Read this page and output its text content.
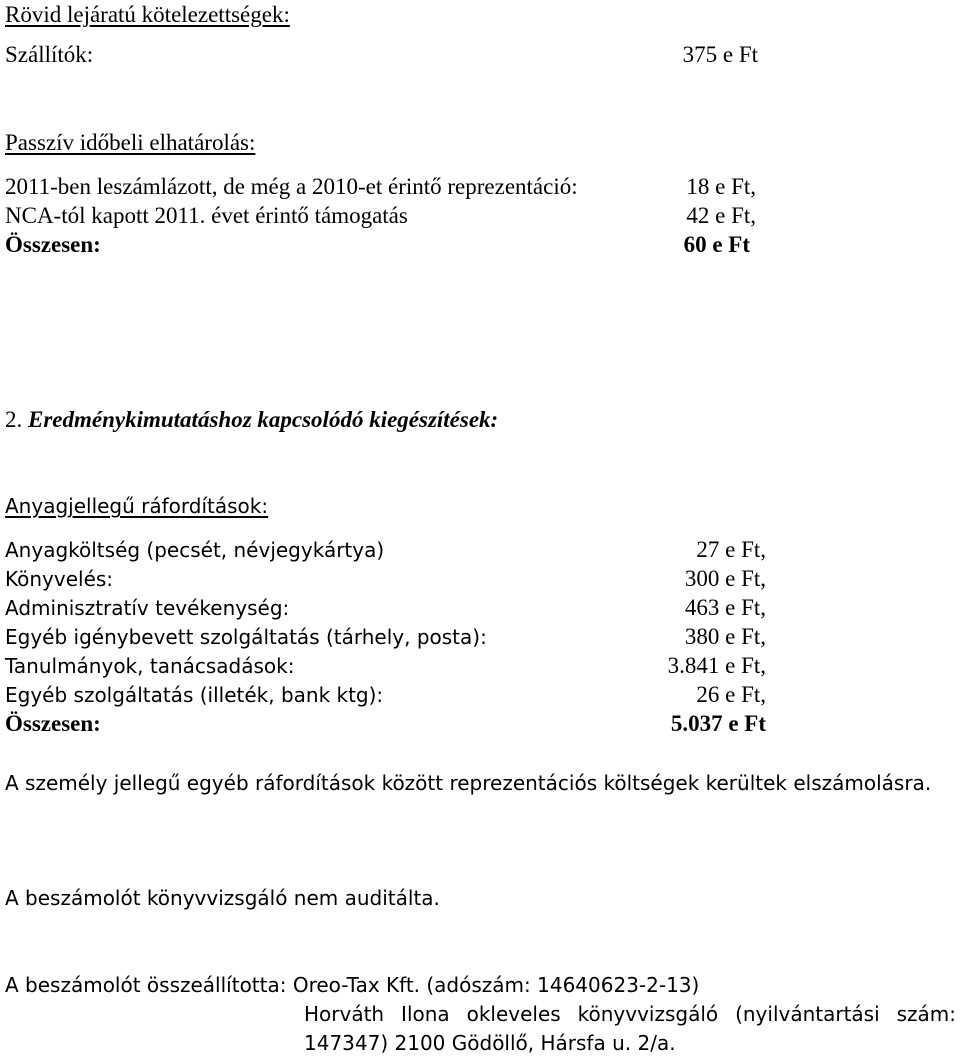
Rövid lejáratú kötelezettségek:
Szállítók:	375 e Ft
Passzív időbeli elhatárolás:
2011-ben leszámlázott, de még a 2010-et érintő reprezentáció:	18 e Ft,
NCA-tól kapott 2011. évet érintő támogatás	42 e Ft,
Összesen:	60 e Ft
2. Eredménykimutatáshoz kapcsolódó kiegészítések:
Anyagjellegű ráfordítások:
Anyagköltség (pecsét, névjegykártya)	27 e Ft,
Könyvelés:	300 e Ft,
Adminisztratív tevékenység:	463 e Ft,
Egyéb igénybevett szolgáltatás (tárhely, posta):	380 e Ft,
Tanulmányok, tanácsadások:	3.841 e Ft,
Egyéb szolgáltatás (illeték, bank ktg):	26 e Ft,
Összesen:	5.037 e Ft
A személy jellegű egyéb ráfordítások között reprezentációs költségek kerültek elszámolásra.
A beszámolót könyvvizsgáló nem auditálta.
A beszámolót összeállította: Oreo-Tax Kft. (adószám: 14640623-2-13)
Horváth Ilona okleveles könyvvizsgáló (nyilvántartási szám:
147347) 2100 Gödöllő, Hársfa u. 2/a.
